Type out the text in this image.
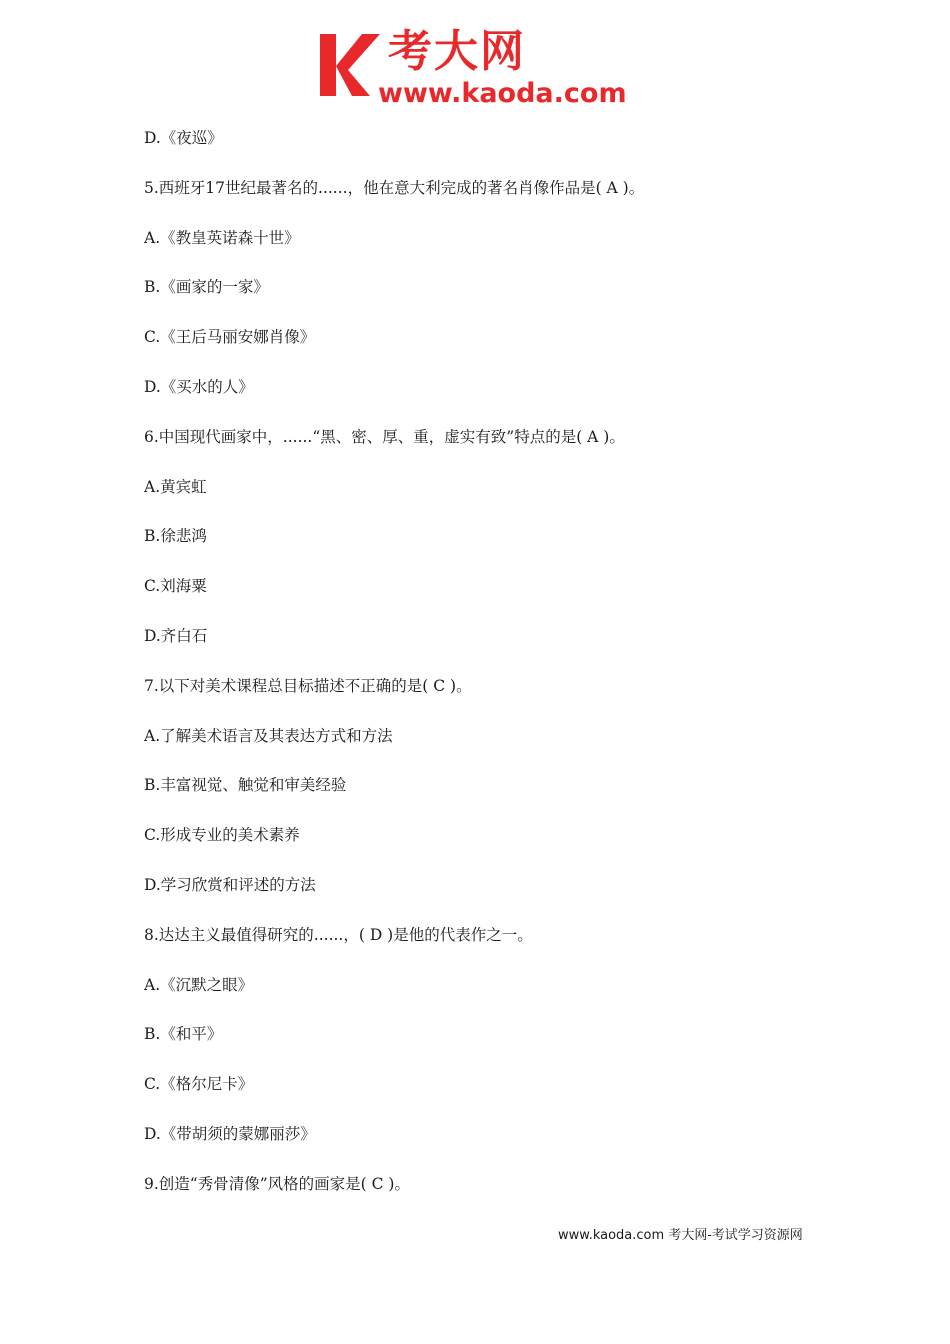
考大网
www.kaoda.com
D.《夜巡》
5.西班牙17世纪最著名的......，他在意大利完成的著名肖像作品是( A )。
A.《教皇英诺森十世》
B.《画家的一家》
C.《王后马丽安娜肖像》
D.《买水的人》
6.中国现代画家中，......“黑、密、厚、重，虚实有致”特点的是( A )。
A.黄宾虹
B.徐悲鸿
C.刘海粟
D.齐白石
7.以下对美术课程总目标描述不正确的是( C )。
A.了解美术语言及其表达方式和方法
B.丰富视觉、触觉和审美经验
C.形成专业的美术素养
D.学习欣赏和评述的方法
8.达达主义最值得研究的......，( D )是他的代表作之一。
A.《沉默之眼》
B.《和平》
C.《格尔尼卡》
D.《带胡须的蒙娜丽莎》
9.创造“秀骨清像”风格的画家是( C )。
www.kaoda.com 考大网-考试学习资源网
